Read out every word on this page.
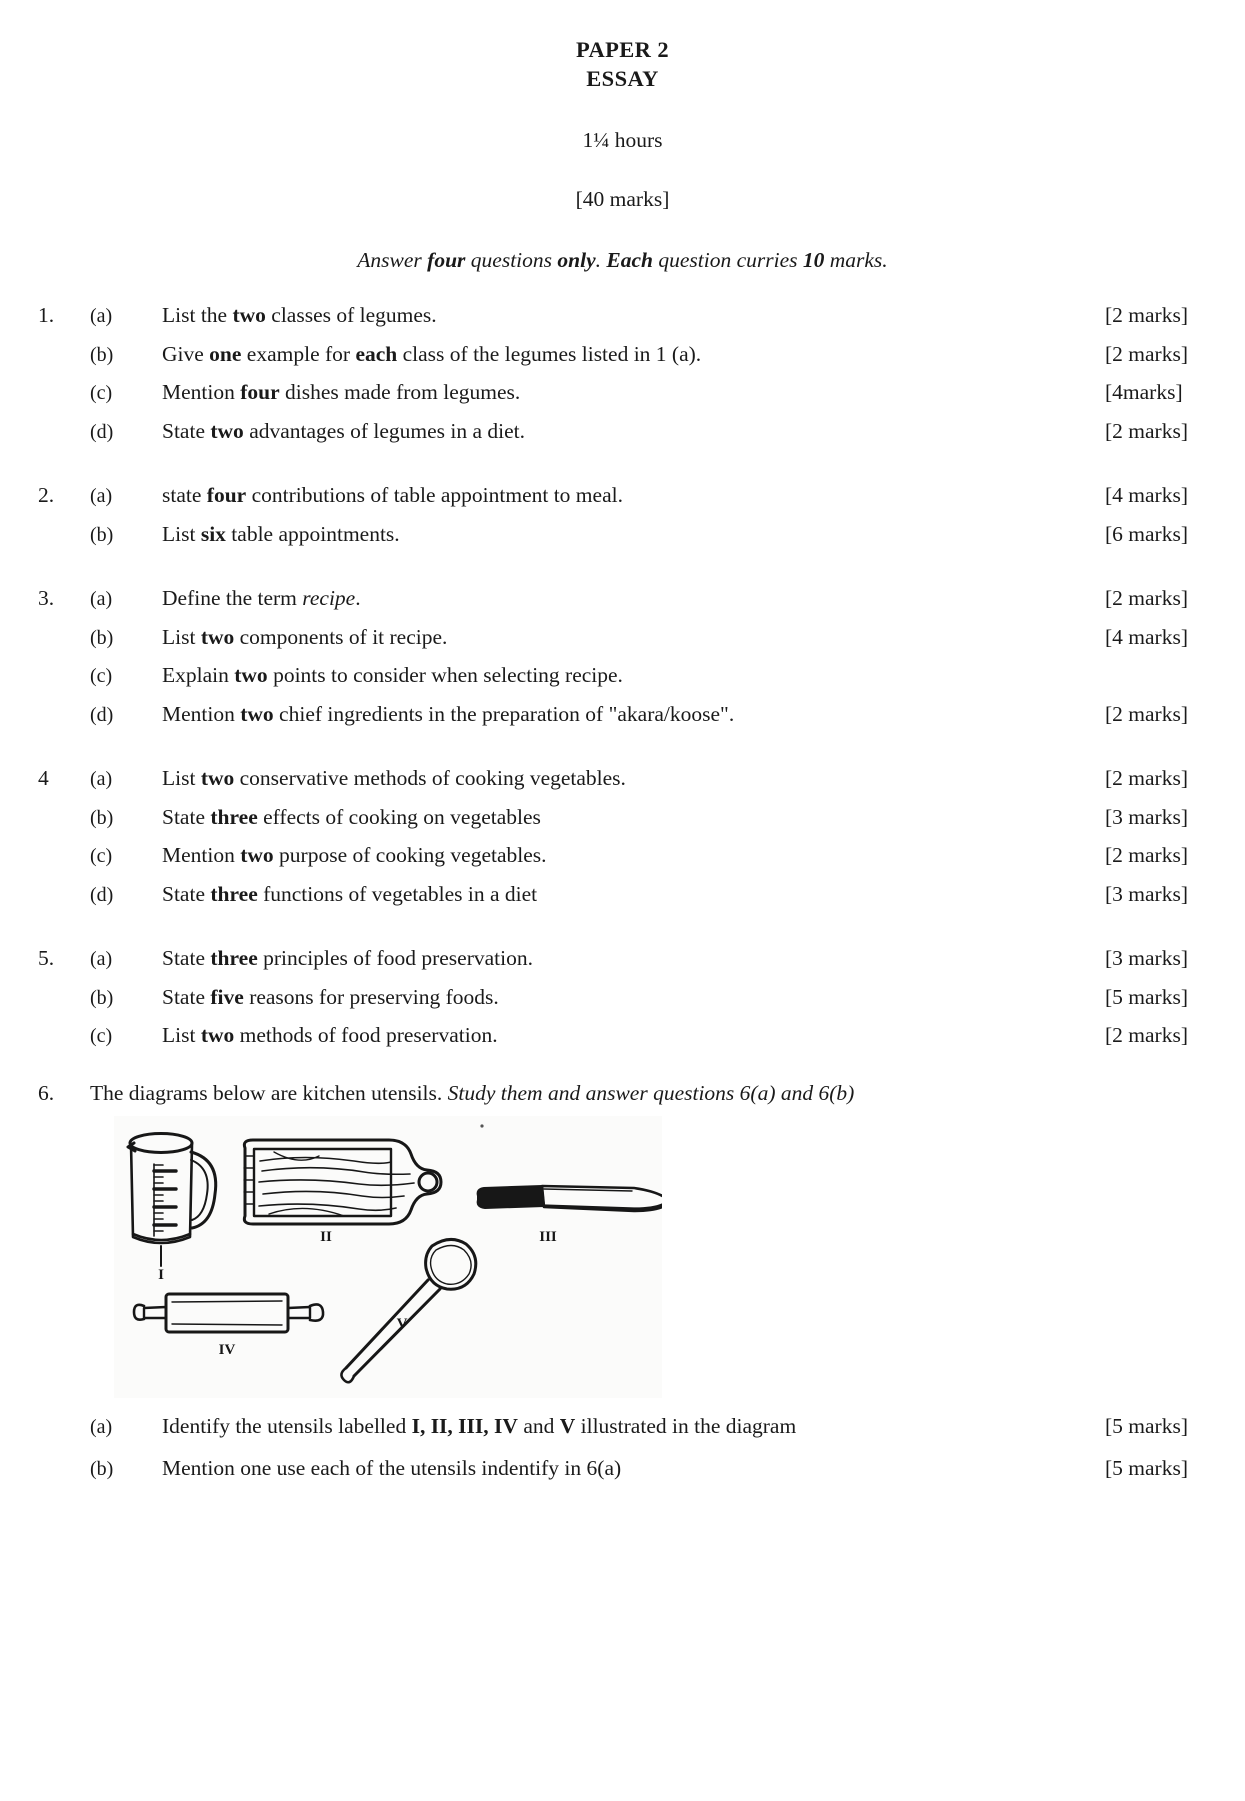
PAPER 2
ESSAY
1¼ hours
[40 marks]
Answer four questions only. Each question curries 10 marks.
1.	(a)	List the two classes of legumes.	[2 marks]
(b)	Give one example for each class of the legumes listed in 1 (a).	[2 marks]
(c)	Mention four dishes made from legumes.	[4marks]
(d)	State two advantages of legumes in a diet.	[2 marks]
2.	(a)	state four contributions of table appointment to meal.	[4 marks]
(b)	List six table appointments.	[6 marks]
3.	(a)	Define the term recipe.	[2 marks]
(b)	List two components of it recipe.	[4 marks]
(c)	Explain two points to consider when selecting recipe.
(d)	Mention two chief ingredients in the preparation of "akara/koose".	[2 marks]
4	(a)	List two conservative methods of cooking vegetables.	[2 marks]
(b)	State three effects of cooking on vegetables	[3 marks]
(c)	Mention two purpose of cooking vegetables.	[2 marks]
(d)	State three functions of vegetables in a diet	[3 marks]
5.	(a)	State three principles of food preservation.	[3 marks]
(b)	State five reasons for preserving foods.	[5 marks]
(c)	List two methods of food preservation.	[2 marks]
6.	The diagrams below are kitchen utensils. Study them and answer questions 6(a) and 6(b)
I
II	III
IV
V
(a)	Identify the utensils labelled I, II, III, IV and V illustrated in the diagram	[5 marks]
(b)	Mention one use each of the utensils indentify in 6(a)	[5 marks]
